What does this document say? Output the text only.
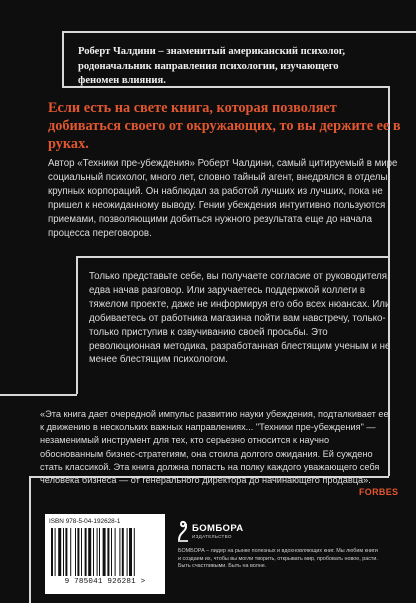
Роберт Чалдини – знаменитый американский психолог, родоначальник направления психологии, изучающего феномен влияния.
Если есть на свете книга, которая позволяет добиваться своего от окружающих, то вы держите ее в руках.
Автор «Техники пре-убеждения» Роберт Чалдини, самый цитируемый в мире социальный психолог, много лет, словно тайный агент, внедрялся в отделы крупных корпораций. Он наблюдал за работой лучших из лучших, пока не пришел к неожиданному выводу. Гении убеждения интуитивно пользуются приемами, позволяющими добиться нужного результата еще до начала процесса переговоров.
Только представьте себе, вы получаете согласие от руководителя, едва начав разговор. Или заручаетесь поддержкой коллеги в тяжелом проекте, даже не информируя его обо всех нюансах. Или добиваетесь от работника магазина пойти вам навстречу, только-только приступив к озвучиванию своей просьбы. Это революционная методика, разработанная блестящим ученым и не менее блестящим психологом.
«Эта книга дает очередной импульс развитию науки убеждения, подталкивает ее к движению в нескольких важных направлениях... "Техники пре-убеждения" — незаменимый инструмент для тех, кто серьезно относится к научно обоснованным бизнес-стратегиям, она стоила долгого ожидания. Ей суждено стать классикой. Эта книга должна попасть на полку каждого уважающего себя человека бизнеса — от генерального директора до начинающего продавца».
FORBES
ISBN 978-5-04-192628-1
9 785041 926281 >
БОМБОРА
ИЗДАТЕЛЬСТВО
БОМБОРА – лидер на рынке полезных и вдохновляющих книг. Мы любим книги и создаем их, чтобы вы могли творить, открывать мир, пробовать новое, расти. Быть счастливыми. Быть на волне.
